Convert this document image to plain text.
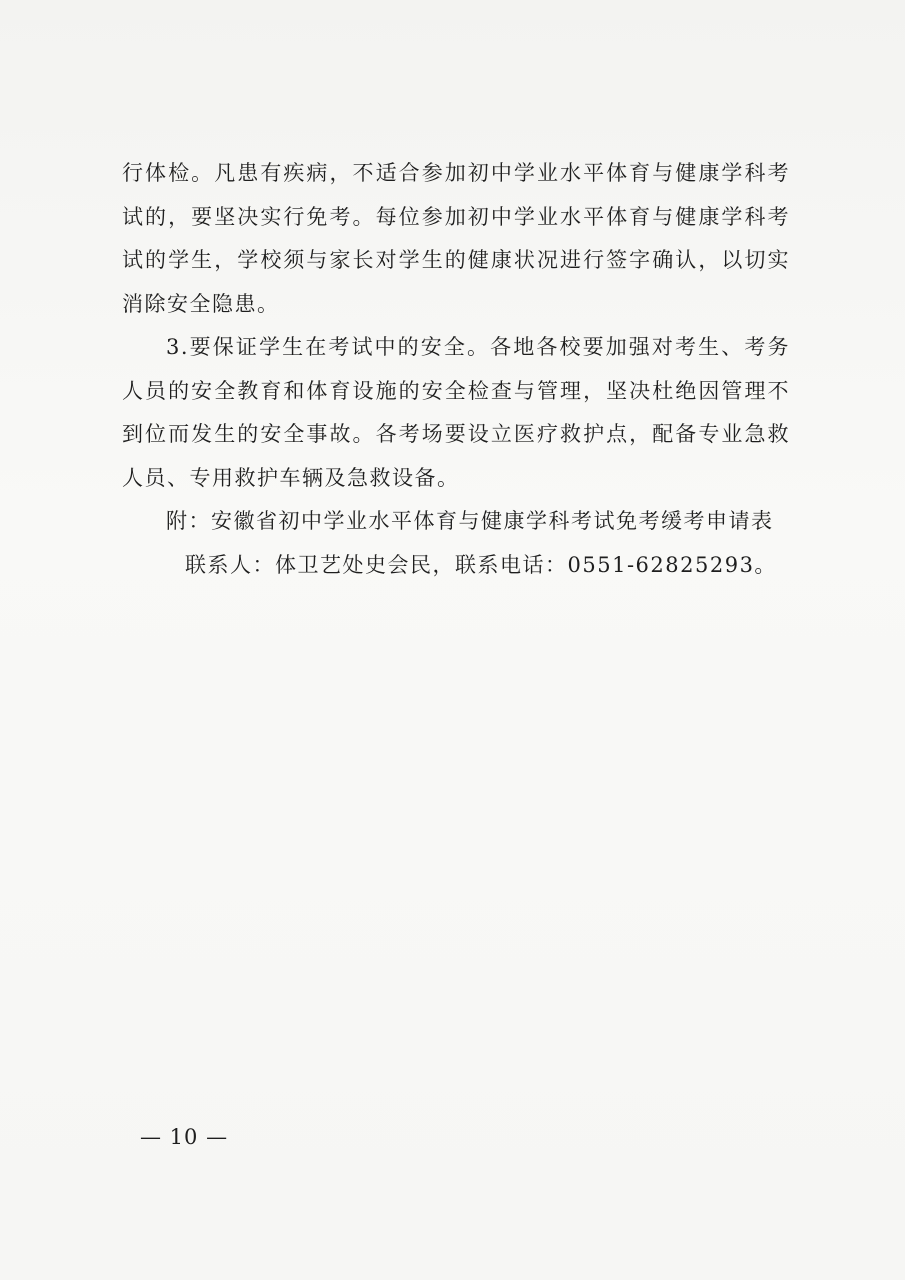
行体检。凡患有疾病，不适合参加初中学业水平体育与健康学科考试的，要坚决实行免考。每位参加初中学业水平体育与健康学科考试的学生，学校须与家长对学生的健康状况进行签字确认，以切实消除安全隐患。

3.要保证学生在考试中的安全。各地各校要加强对考生、考务人员的安全教育和体育设施的安全检查与管理，坚决杜绝因管理不到位而发生的安全事故。各考场要设立医疗救护点，配备专业急救人员、专用救护车辆及急救设备。

附：安徽省初中学业水平体育与健康学科考试免考缓考申请表

联系人：体卫艺处史会民，联系电话：0551-62825293。

— 10 —
